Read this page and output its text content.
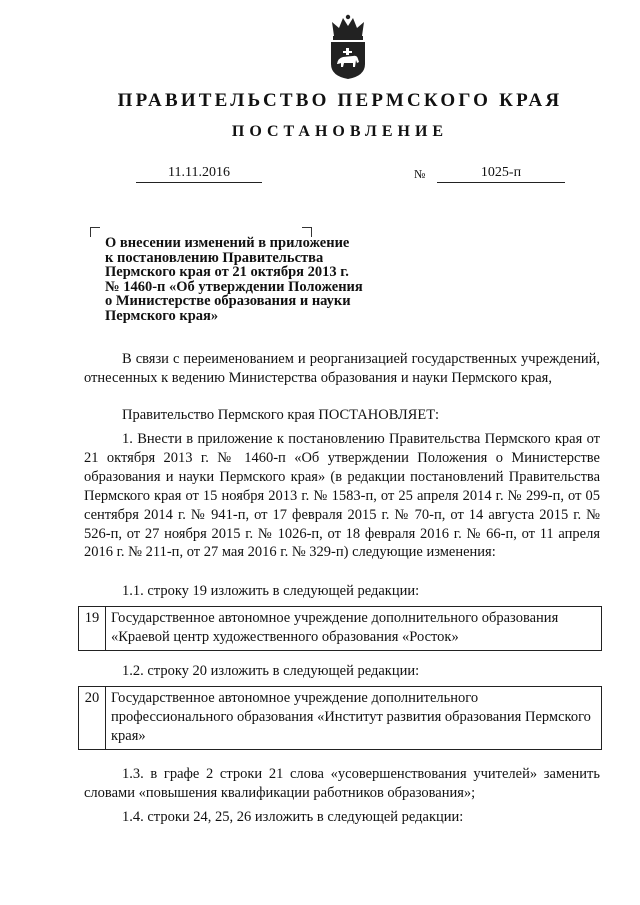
ПРАВИТЕЛЬСТВО ПЕРМСКОГО КРАЯ
ПОСТАНОВЛЕНИЕ
11.11.2016	№	1025-п
О внесении изменений в приложение
к постановлению Правительства
Пермского края от 21 октября 2013 г.
№ 1460-п «Об утверждении Положения
о Министерстве образования и науки
Пермского края»

В связи с переименованием и реорганизацией государственных учреждений, отнесенных к ведению Министерства образования и науки Пермского края,

Правительство Пермского края ПОСТАНОВЛЯЕТ:

1. Внести в приложение к постановлению Правительства Пермского края от 21 октября 2013 г. № 1460-п «Об утверждении Положения о Министерстве образования и науки Пермского края» (в редакции постановлений Правительства Пермского края от 15 ноября 2013 г. № 1583-п, от 25 апреля 2014 г. № 299-п, от 05 сентября 2014 г. № 941-п, от 17 февраля 2015 г. № 70-п, от 14 августа 2015 г. № 526-п, от 27 ноября 2015 г. № 1026-п, от 18 февраля 2016 г. № 66-п, от 11 апреля 2016 г. № 211-п, от 27 мая 2016 г. № 329-п) следующие изменения:

1.1. строку 19 изложить в следующей редакции:
19	Государственное автономное учреждение дополнительного образования «Краевой центр художественного образования «Росток»
1.2. строку 20 изложить в следующей редакции:
20	Государственное автономное учреждение дополнительного профессионального образования «Институт развития образования Пермского края»

1.3. в графе 2 строки 21 слова «усовершенствования учителей» заменить словами «повышения квалификации работников образования»;

1.4. строки 24, 25, 26 изложить в следующей редакции:
